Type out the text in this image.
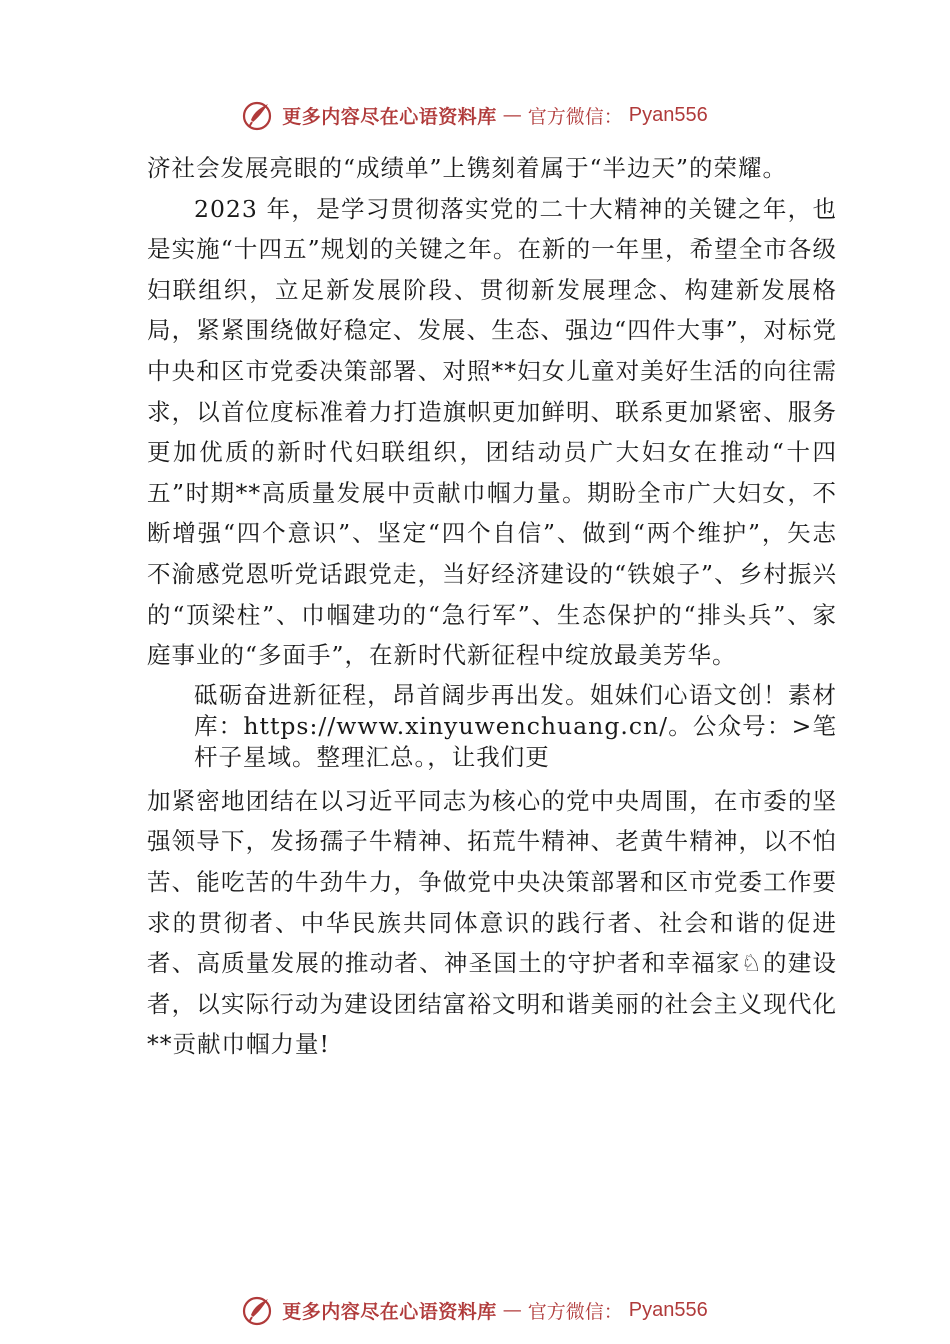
更多内容尽在心语资料库 — 官方微信： Pyan556

济社会发展亮眼的“成绩单”上镌刻着属于“半边天”的荣耀。

2023 年，是学习贯彻落实党的二十大精神的关键之年，也是实施“十四五”规划的关键之年。在新的一年里，希望全市各级妇联组织，立足新发展阶段、贯彻新发展理念、构建新发展格局，紧紧围绕做好稳定、发展、生态、强边“四件大事”，对标党中央和区市党委决策部署、对照**妇女儿童对美好生活的向往需求，以首位度标准着力打造旗帜更加鲜明、联系更加紧密、服务更加优质的新时代妇联组织，团结动员广大妇女在推动“十四五”时期**高质量发展中贡献巾帼力量。期盼全市广大妇女，不断增强“四个意识”、坚定“四个自信”、做到“两个维护”，矢志不渝感党恩听党话跟党走，当好经济建设的“铁娘子”、乡村振兴的“顶梁柱”、巾帼建功的“急行军”、生态保护的“排头兵”、家庭事业的“多面手”，在新时代新征程中绽放最美芳华。

砥砺奋进新征程，昂首阔步再出发。姐妹们心语文创！素材库：https://www.xinyuwenchuang.cn/。公众号：>笔杆子星域。整理汇总。，让我们更

加紧密地团结在以习近平同志为核心的党中央周围，在市委的坚强领导下，发扬孺子牛精神、拓荒牛精神、老黄牛精神，以不怕苦、能吃苦的牛劲牛力，争做党中央决策部署和区市党委工作要求的贯彻者、中华民族共同体意识的践行者、社会和谐的促进者、高质量发展的推动者、神圣国土的守护者和幸福家♘的建设者，以实际行动为建设团结富裕文明和谐美丽的社会主义现代化**贡献巾帼力量!

更多内容尽在心语资料库 — 官方微信： Pyan556
